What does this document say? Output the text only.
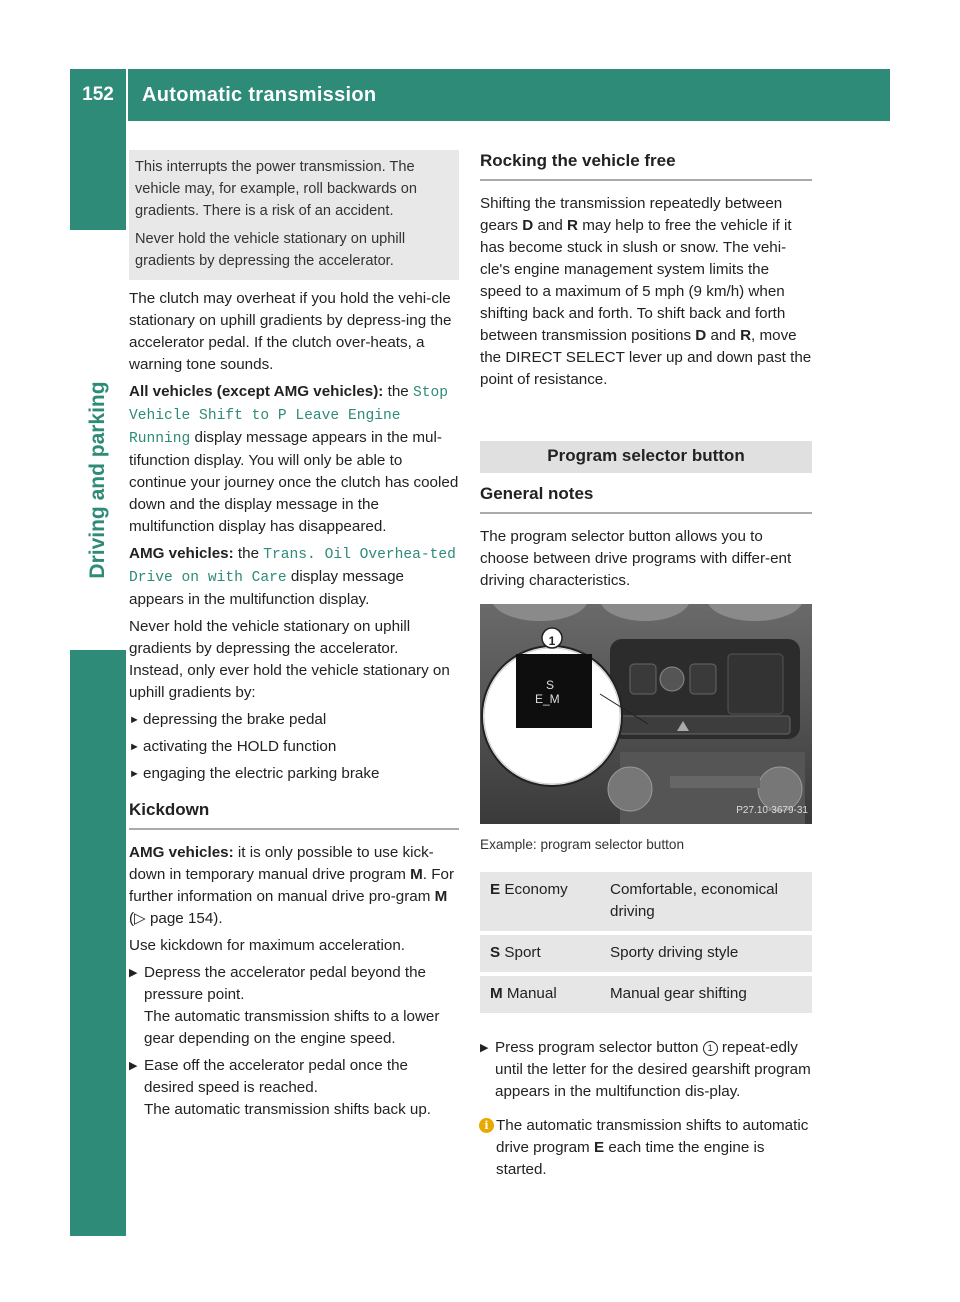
152	Automatic transmission
Driving and parking

This interrupts the power transmission. The vehicle may, for example, roll backwards on gradients. There is a risk of an accident.

Never hold the vehicle stationary on uphill gradients by depressing the accelerator.

The clutch may overheat if you hold the vehi-cle stationary on uphill gradients by depress-ing the accelerator pedal. If the clutch over-heats, a warning tone sounds.

All vehicles (except AMG vehicles): the Stop Vehicle Shift to P Leave Engine Running display message appears in the mul-tifunction display. You will only be able to continue your journey once the clutch has cooled down and the display message in the multifunction display has disappeared.

AMG vehicles: the Trans. Oil Overhea-ted Drive on with Care display message appears in the multifunction display.

Never hold the vehicle stationary on uphill gradients by depressing the accelerator.

Instead, only ever hold the vehicle stationary on uphill gradients by:

► depressing the brake pedal
► activating the HOLD function
► engaging the electric parking brake
Kickdown

AMG vehicles: it is only possible to use kick-down in temporary manual drive program M. For further information on manual drive pro-gram M (▷ page 154).

Use kickdown for maximum acceleration.

▶ Depress the accelerator pedal beyond the pressure point.
The automatic transmission shifts to a lower gear depending on the engine speed.
▶ Ease off the accelerator pedal once the desired speed is reached.
The automatic transmission shifts back up.
Rocking the vehicle free

Shifting the transmission repeatedly between gears D and R may help to free the vehicle if it has become stuck in slush or snow. The vehi-cle's engine management system limits the speed to a maximum of 5 mph (9 km/h) when shifting back and forth. To shift back and forth between transmission positions D and R, move the DIRECT SELECT lever up and down past the point of resistance.

Program selector button
General notes

The program selector button allows you to choose between drive programs with differ-ent driving characteristics.

1
S
E_M
P27.10-3679-31
Example: program selector button
E Economy	Comfortable, economical driving
S Sport	Sporty driving style
M Manual	Manual gear shifting
▶ Press program selector button 1 repeat-edly until the letter for the desired gearshift program appears in the multifunction dis-play.
i The automatic transmission shifts to automatic drive program E each time the engine is started.
